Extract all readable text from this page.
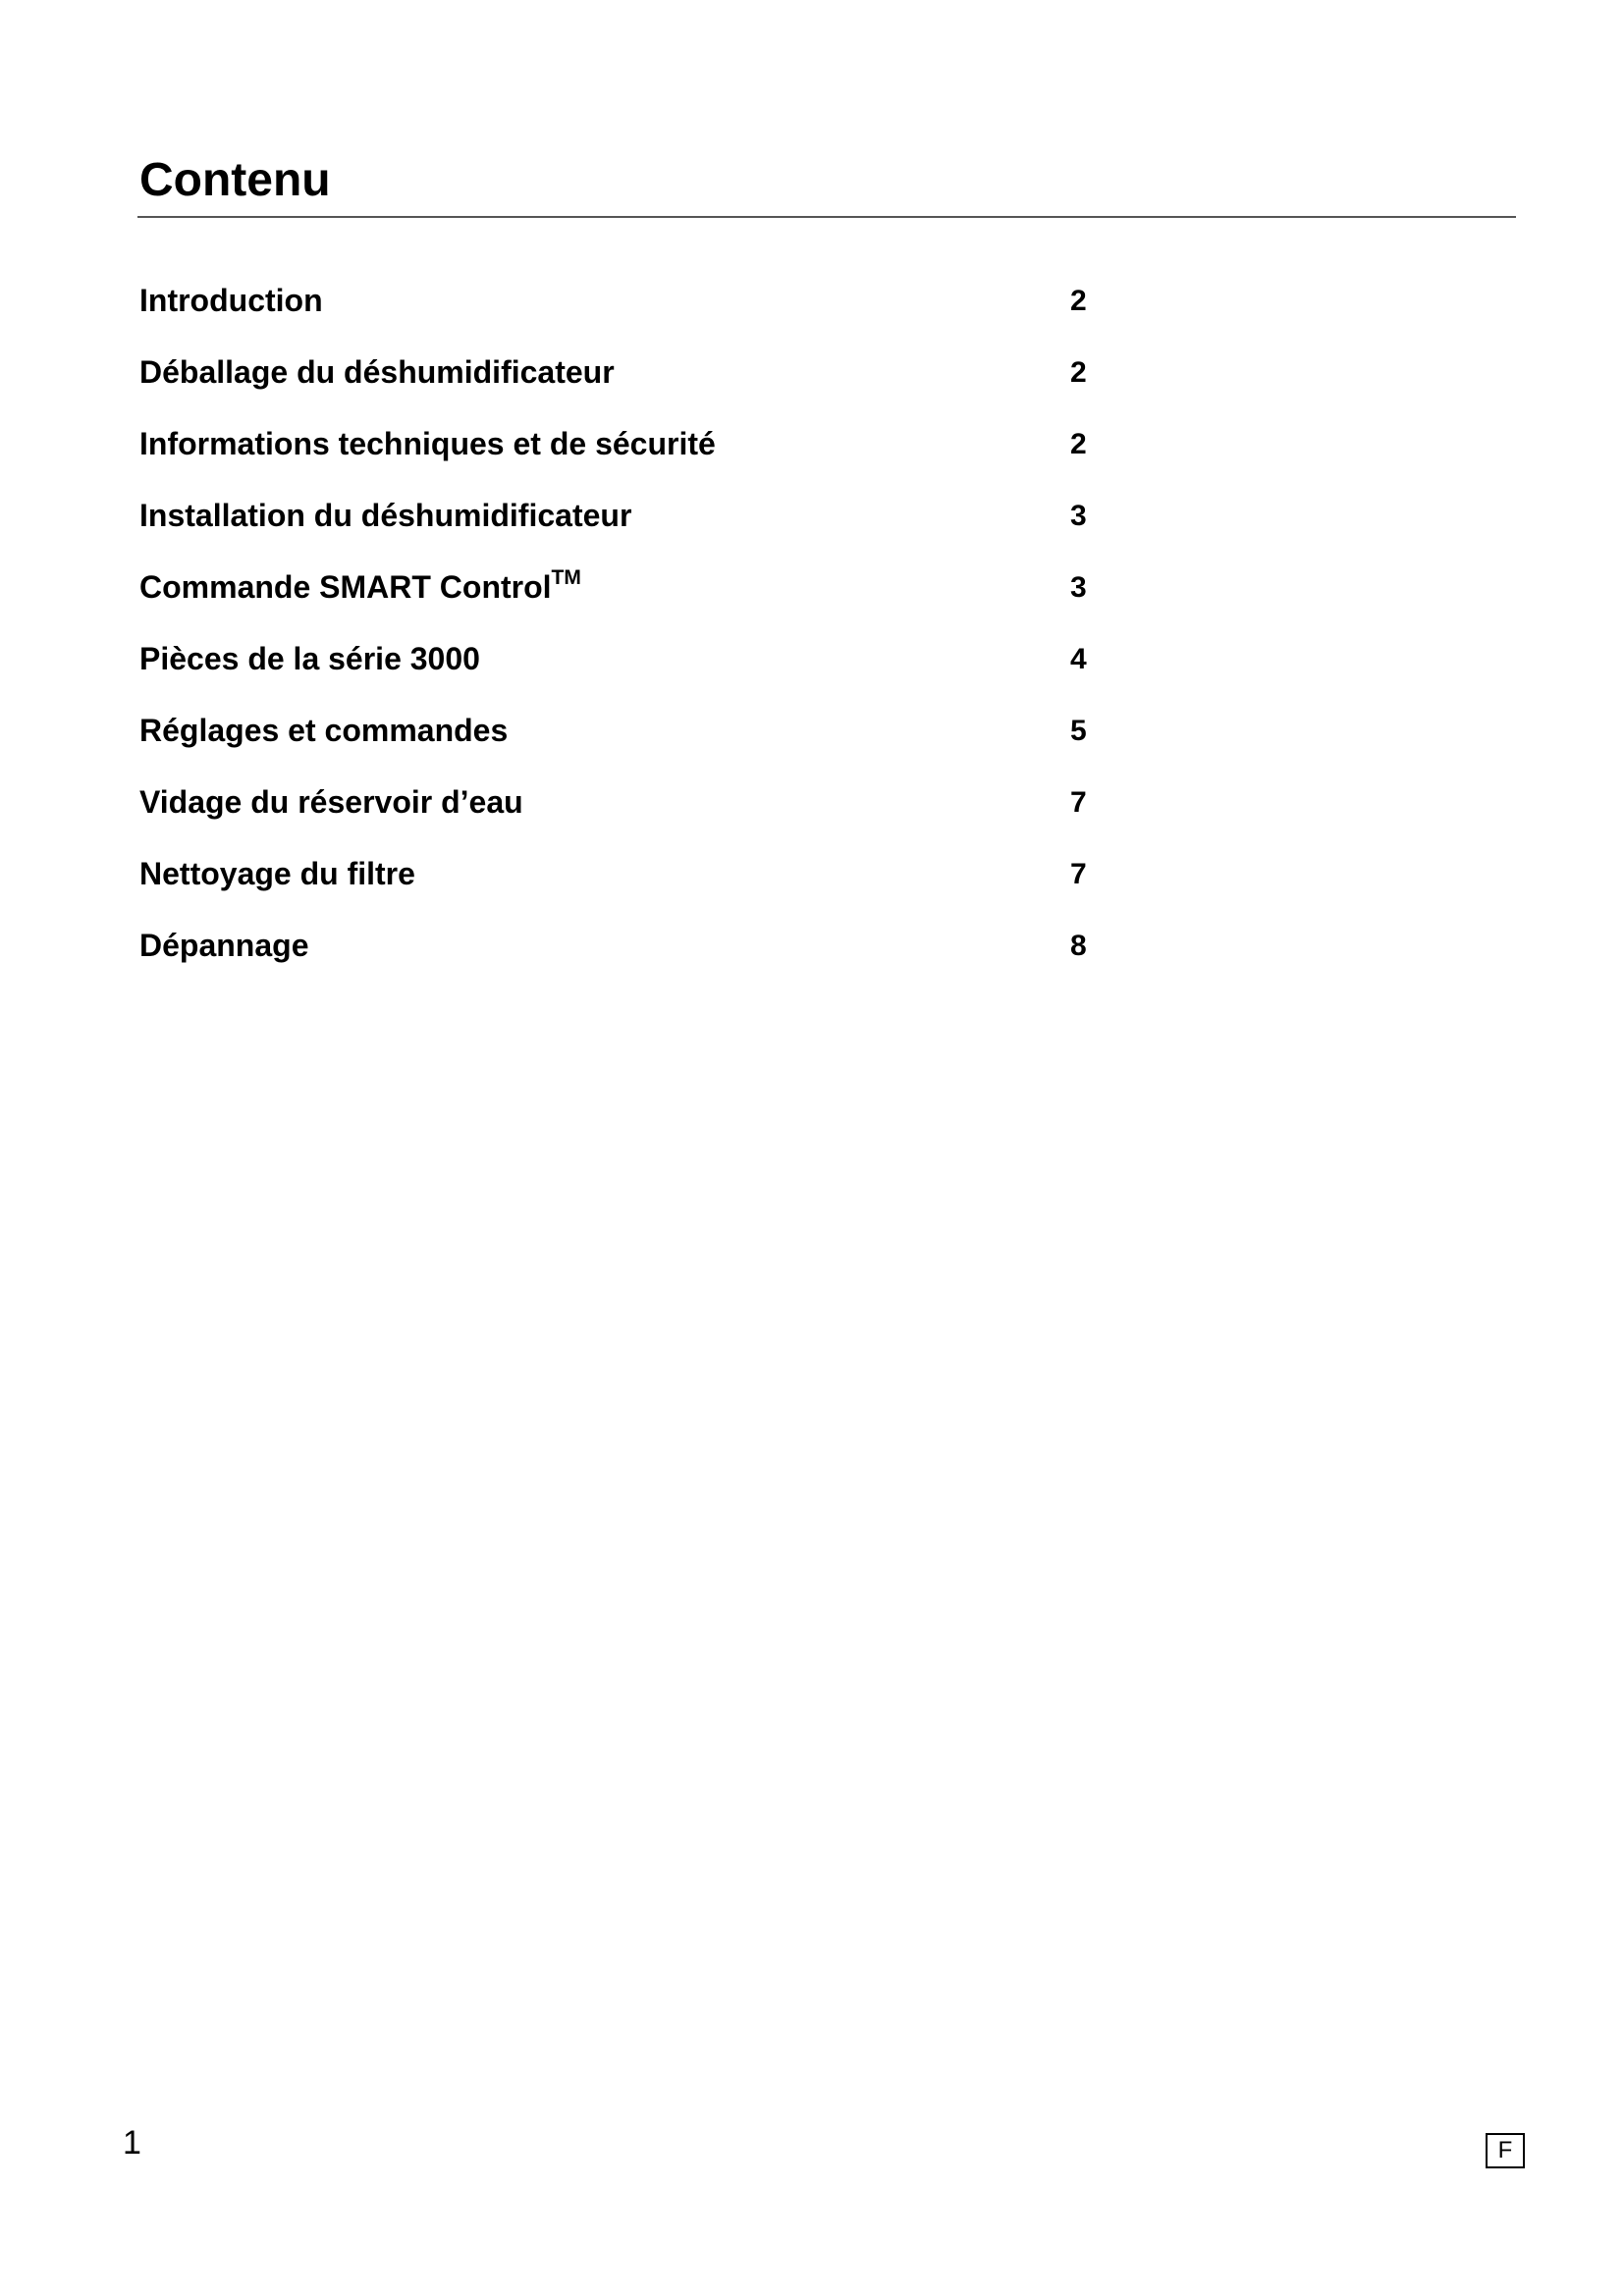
Contenu
Introduction	2
Déballage du déshumidificateur	2
Informations techniques et de sécurité	2
Installation du déshumidificateur	3
Commande SMART Control™	3
Pièces de la série 3000	4
Réglages et commandes	5
Vidage du réservoir d’eau	7
Nettoyage du filtre	7
Dépannage	8
1	F
